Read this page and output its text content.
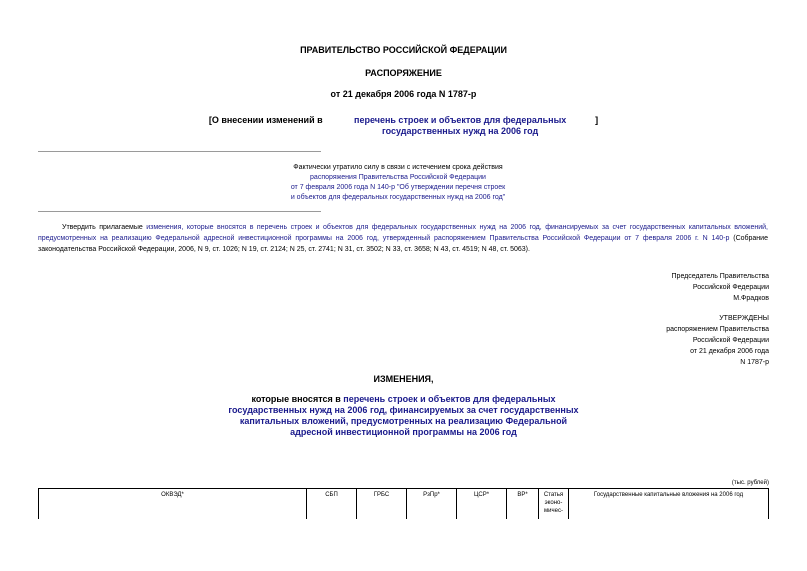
ПРАВИТЕЛЬСТВО РОССИЙСКОЙ ФЕДЕРАЦИИ
РАСПОРЯЖЕНИЕ
от 21 декабря 2006 года N 1787-р
[О внесении изменений в	перечень строек и объектов для федеральных государственных нужд на 2006 год]
Фактически утратило силу в связи с истечением срока действия
распоряжения Правительства Российской Федерации
от 7 февраля 2006 года N 140-р "Об утверждении перечня строек
и объектов для федеральных государственных нужд на 2006 год"
Утвердить прилагаемые изменения, которые вносятся в перечень строек и объектов для федеральных государственных нужд на 2006 год, финансируемых за счет государственных капитальных вложений, предусмотренных на реализацию Федеральной адресной инвестиционной программы на 2006 год, утвержденный распоряжением Правительства Российской Федерации от 7 февраля 2006 г. N 140-р (Собрание законодательства Российской Федерации, 2006, N 9, ст. 1026; N 19, ст. 2124; N 25, ст. 2741; N 31, ст. 3502; N 33, ст. 3658; N 43, ст. 4519; N 48, ст. 5063).
Председатель Правительства
Российской Федерации
М.Фрадков
УТВЕРЖДЕНЫ
распоряжением Правительства
Российской Федерации
от 21 декабря 2006 года
N 1787-р
ИЗМЕНЕНИЯ,
которые вносятся в перечень строек и объектов для федеральных государственных нужд на 2006 год, финансируемых за счет государственных капитальных вложений, предусмотренных на реализацию Федеральной адресной инвестиционной программы на 2006 год
(тыс. рублей)
ОКВЭД*	СБП	ГРБС	РзПр*	ЦСР*	ВР*	Статья эконо- мичес-	Государственные капитальные вложения на 2006 год
